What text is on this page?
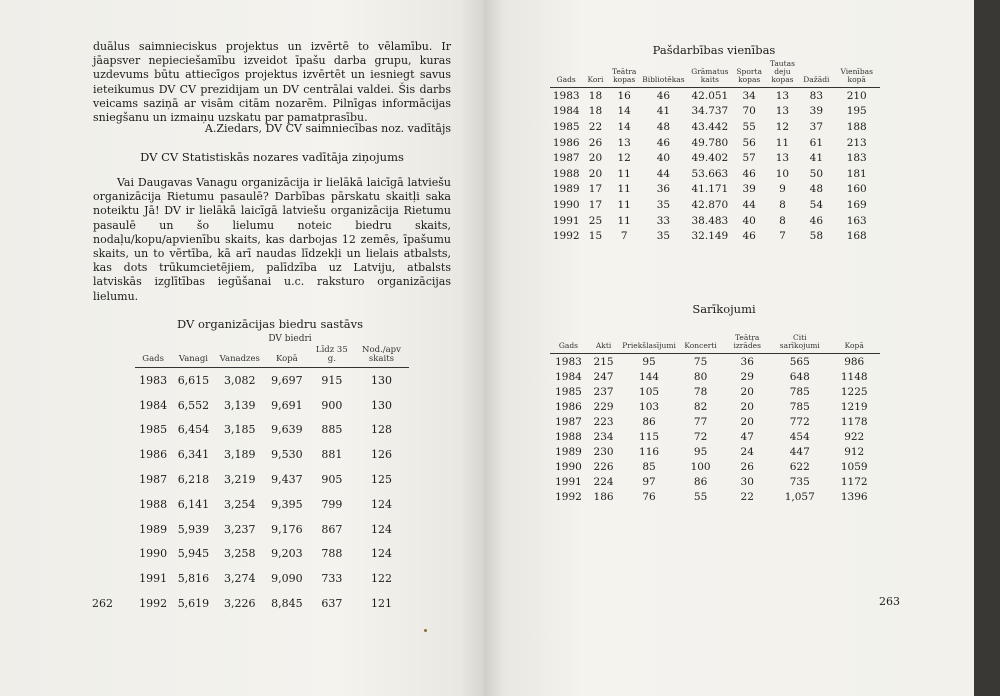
duālus saimnieciskus projektus un izvērtē to vēlamību. Ir jāapsver nepieciešamību izveidot īpašu darba grupu, kuras uzdevums būtu attiecīgos projektus izvērtēt un iesniegt savus ieteikumus DV CV prezidijam un DV centrālai valdei. Šis darbs veicams saziņā ar visām citām nozarēm. Pilnīgas informācijas sniegšanu un izmaiņu uzskatu par pamatprasību.

A.Ziedars, DV CV saimniecības noz. vadītājs
DV CV Statistiskās nozares vadītāja ziņojums

Vai Daugavas Vanagu organizācija ir lielākā laicīgā latviešu organizācija Rietumu pasaulē? Darbības pārskatu skaitļi saka noteiktu Jā! DV ir lielākā laicīgā latviešu organizācija Rietumu pasaulē un šo lielumu noteic biedru skaits, nodaļu/kopu/apvienību skaits, kas darbojas 12 zemēs, īpašumu skaits, un to vērtība, kā arī naudas līdzekļi un lielais atbalsts, kas dots trūkumcietējiem, palīdzība uz Latviju, atbalsts latviskās izglītības iegūšanai u.c. raksturo organizācijas lielumu.

DV organizācijas biedru sastāvs
DV biedri
Gads	Vanagi	Vanadzes	Kopā	Līdz 35 g.	Nod./apv skaits
1983	6,615	3,082	9,697	915	130
1984	6,552	3,139	9,691	900	130
1985	6,454	3,185	9,639	885	128
1986	6,341	3,189	9,530	881	126
1987	6,218	3,219	9,437	905	125
1988	6,141	3,254	9,395	799	124
1989	5,939	3,237	9,176	867	124
1990	5,945	3,258	9,203	788	124
1991	5,816	3,274	9,090	733	122
1992	5,619	3,226	8,845	637	121
262
Pašdarbības vienības
Gads	Kori	Teātra kopas	Bibliotēkas	Grāmatus kaits	Sporta kopas	Tautas deju kopas	Dažādi	Vienības kopā
1983	18	16	46	42.051	34	13	83	210
1984	18	14	41	34.737	70	13	39	195
1985	22	14	48	43.442	55	12	37	188
1986	26	13	46	49.780	56	11	61	213
1987	20	12	40	49.402	57	13	41	183
1988	20	11	44	53.663	46	10	50	181
1989	17	11	36	41.171	39	9	48	160
1990	17	11	35	42.870	44	8	54	169
1991	25	11	33	38.483	40	8	46	163
1992	15	7	35	32.149	46	7	58	168
Sarīkojumi
Gads	Akti	Priekšlasījumi	Koncerti	Teātŗa izrādes	Citi sarīkojumi	Kopā
1983	215	95	75	36	565	986
1984	247	144	80	29	648	1148
1985	237	105	78	20	785	1225
1986	229	103	82	20	785	1219
1987	223	86	77	20	772	1178
1988	234	115	72	47	454	922
1989	230	116	95	24	447	912
1990	226	85	100	26	622	1059
1991	224	97	86	30	735	1172
1992	186	76	55	22	1,057	1396
263
